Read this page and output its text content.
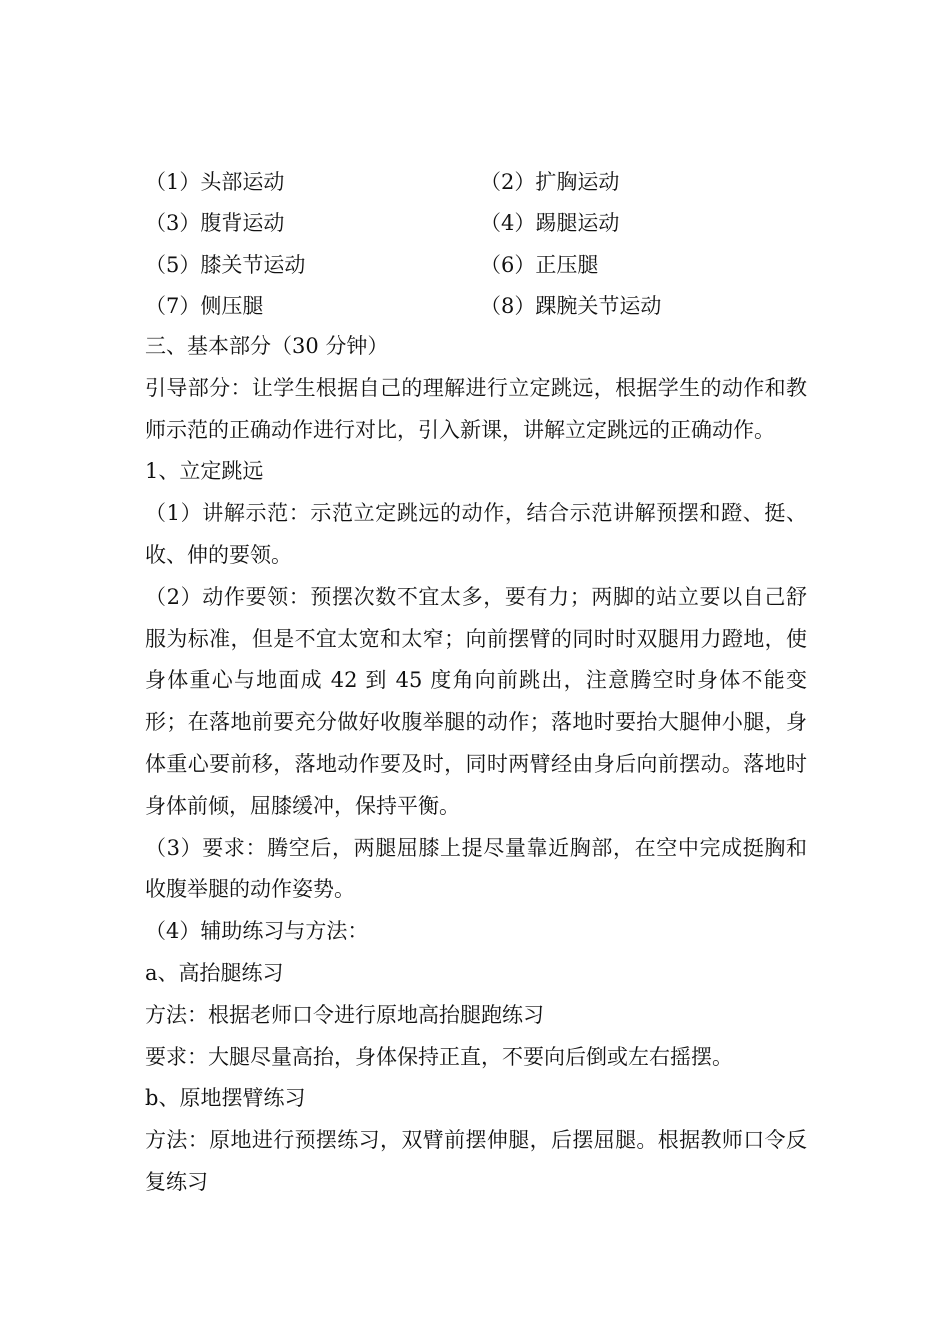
（1）头部运动	（2）扩胸运动
（3）腹背运动	（4）踢腿运动
（5）膝关节运动	（6）正压腿
（7）侧压腿	（8）踝腕关节运动

三、基本部分（30 分钟）

引导部分：让学生根据自己的理解进行立定跳远，根据学生的动作和教师示范的正确动作进行对比，引入新课，讲解立定跳远的正确动作。

1、立定跳远

（1）讲解示范：示范立定跳远的动作，结合示范讲解预摆和蹬、挺、收、伸的要领。

（2）动作要领：预摆次数不宜太多，要有力；两脚的站立要以自己舒服为标准，但是不宜太宽和太窄；向前摆臂的同时时双腿用力蹬地，使身体重心与地面成 42 到 45 度角向前跳出，注意腾空时身体不能变形；在落地前要充分做好收腹举腿的动作；落地时要抬大腿伸小腿，身体重心要前移，落地动作要及时，同时两臂经由身后向前摆动。落地时身体前倾，屈膝缓冲，保持平衡。

（3）要求：腾空后，两腿屈膝上提尽量靠近胸部，在空中完成挺胸和收腹举腿的动作姿势。

（4）辅助练习与方法：

a、高抬腿练习

方法：根据老师口令进行原地高抬腿跑练习

要求：大腿尽量高抬，身体保持正直，不要向后倒或左右摇摆。

b、原地摆臂练习

方法：原地进行预摆练习，双臂前摆伸腿，后摆屈腿。根据教师口令反复练习
